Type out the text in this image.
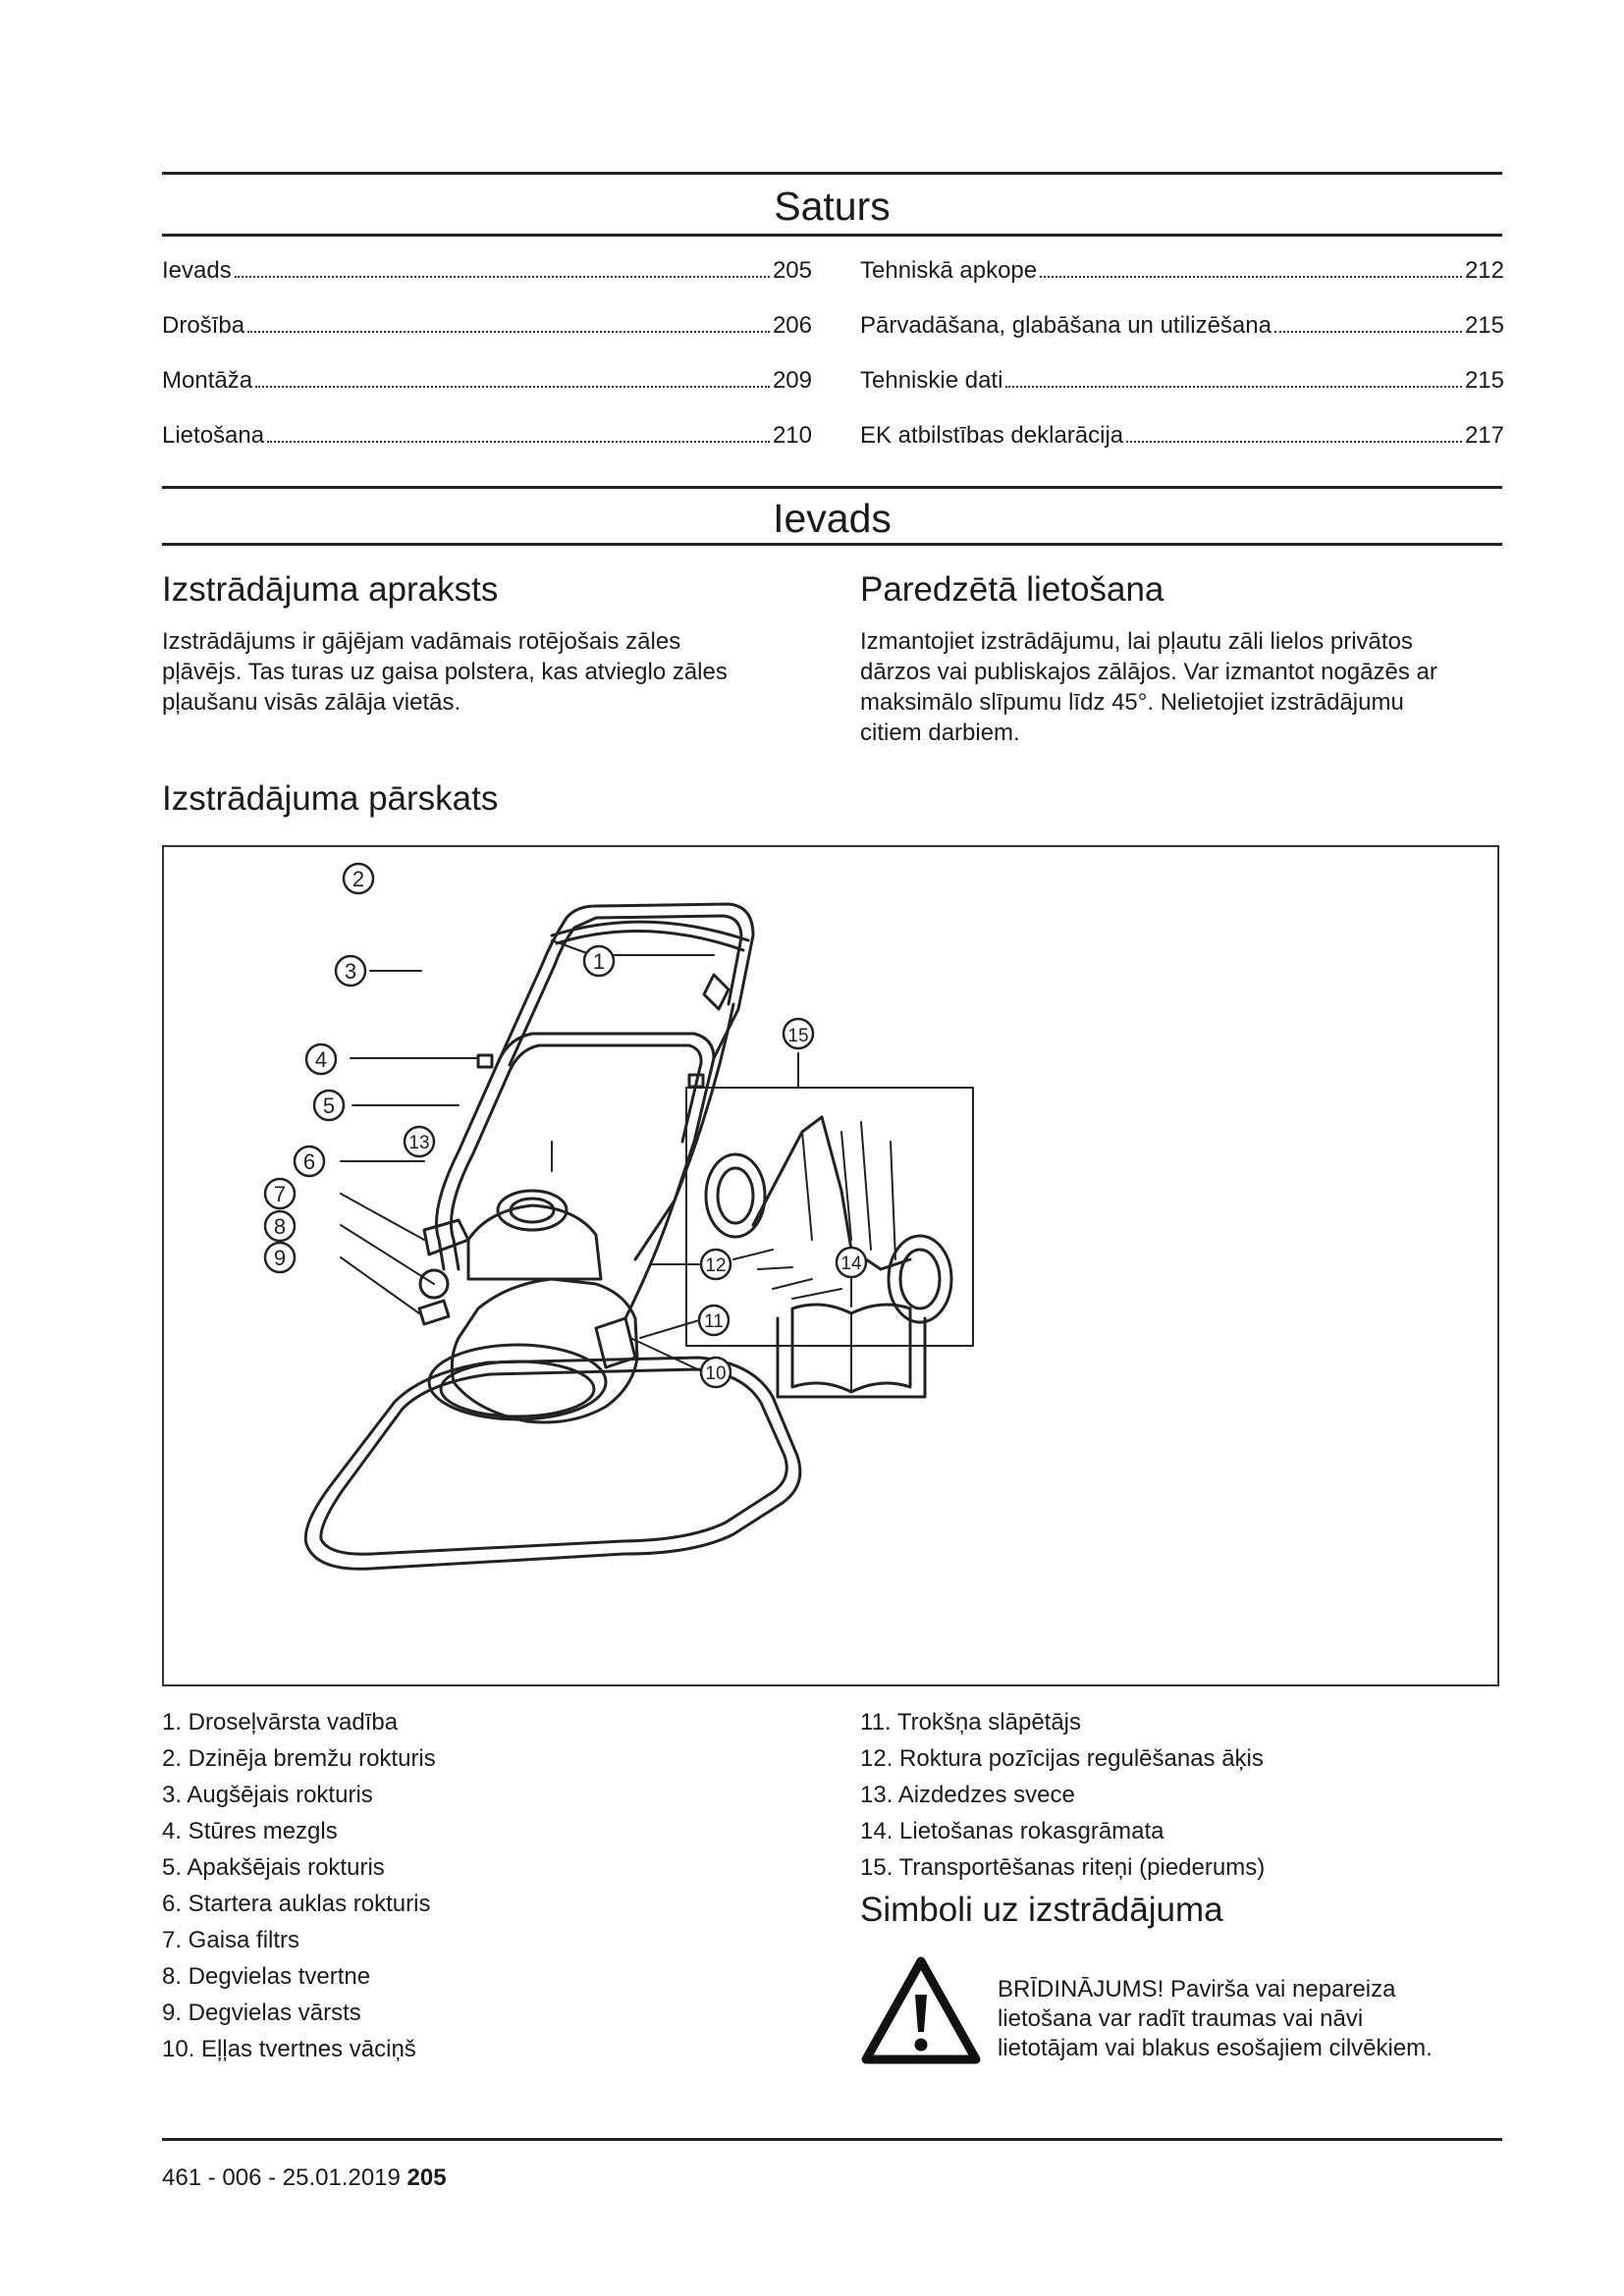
Saturs
Ievads	205
Drošība	206
Montāža	209
Lietošana	210
Tehniskā apkope	212
Pārvadāšana, glabāšana un utilizēšana	215
Tehniskie dati	215
EK atbilstības deklarācija	217
Ievads
Izstrādājuma apraksts
Izstrādājums ir gājējam vadāmais rotējošais zāles
pļāvējs. Tas turas uz gaisa polstera, kas atvieglo zāles
pļaušanu visās zālāja vietās.
Paredzētā lietošana
Izmantojiet izstrādājumu, lai pļautu zāli lielos privātos
dārzos vai publiskajos zālājos. Var izmantot nogāzēs ar
maksimālo slīpumu līdz 45°. Nelietojiet izstrādājumu
citiem darbiem.
Izstrādājuma pārskats
2
3	1
4
15
5
13
6
7
12
8
9	14
11
10
1. Droseļvārsta vadība
2. Dzinēja bremžu rokturis
3. Augšējais rokturis
4. Stūres mezgls
5. Apakšējais rokturis
6. Startera auklas rokturis
7. Gaisa filtrs
8. Degvielas tvertne
9. Degvielas vārsts
10. Eļļas tvertnes vāciņš
11. Trokšņa slāpētājs
12. Roktura pozīcijas regulēšanas āķis
13. Aizdedzes svece
14. Lietošanas rokasgrāmata
15. Transportēšanas riteņi (piederums)
Simboli uz izstrādājuma
BRĪDINĀJUMS! Pavirša vai nepareiza
lietošana var radīt traumas vai nāvi
lietotājam vai blakus esošajiem cilvēkiem.
461 - 006 - 25.01.2019 205
